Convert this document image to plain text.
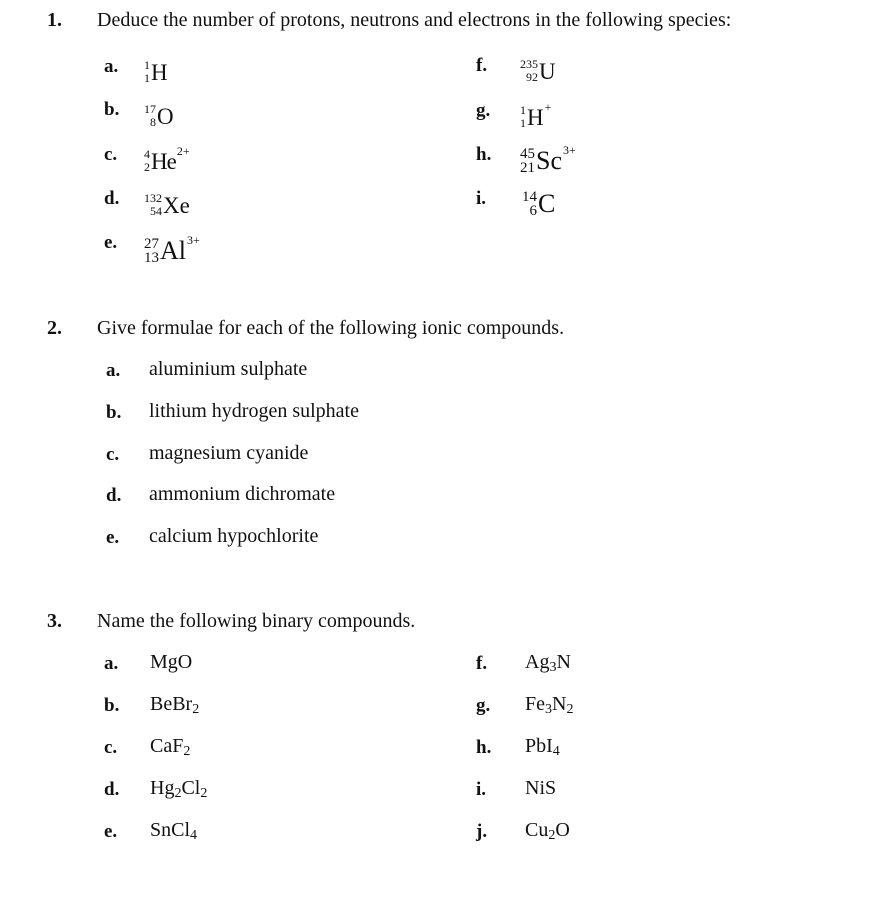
1. Deduce the number of protons, neutrons and electrons in the following species:
a. 1
1 H
b. 17
8 O
c. 4
2 He 2+
d. 132
54 Xe
e. 27
13 Al 3+
f.	235
92 U
g. 1
1 H +
h. 45
21 Sc 3+
i. 14
6 C
2. Give formulae for each of the following ionic compounds.
a. aluminium sulphate
b. lithium hydrogen sulphate
c. magnesium cyanide
d. ammonium dichromate
e. calcium hypochlorite
3. Name the following binary compounds.
a. MgO
b. BeBr$_2$
c. CaF$_2$
d. $Hg_2Cl_2$
e. SnCl$_4$
f. $Ag_3N$
g. $Fe_3N_2$
h. PbI$_4$
i. NiS
j. $Cu_2O$
